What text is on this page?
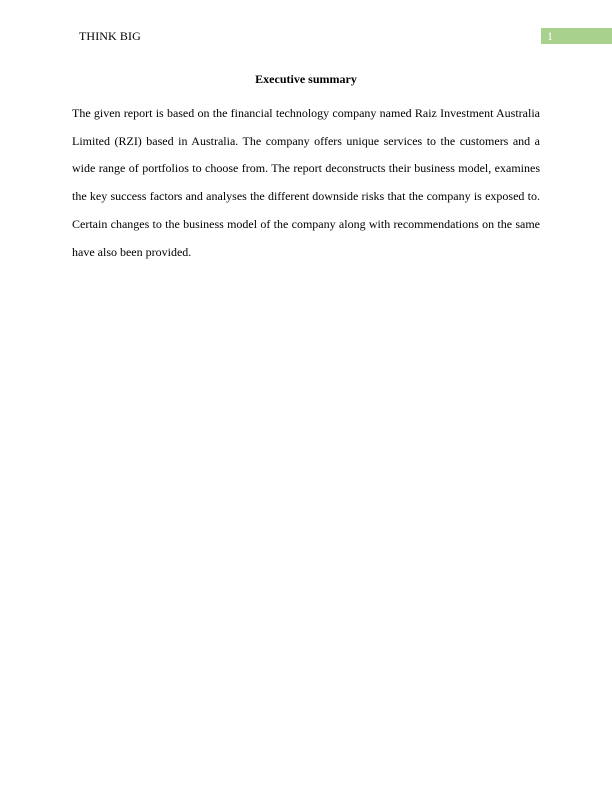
THINK BIG	1
Executive summary

The given report is based on the financial technology company named Raiz Investment Australia Limited (RZI) based in Australia. The company offers unique services to the customers and a wide range of portfolios to choose from. The report deconstructs their business model, examines the key success factors and analyses the different downside risks that the company is exposed to. Certain changes to the business model of the company along with recommendations on the same have also been provided.
